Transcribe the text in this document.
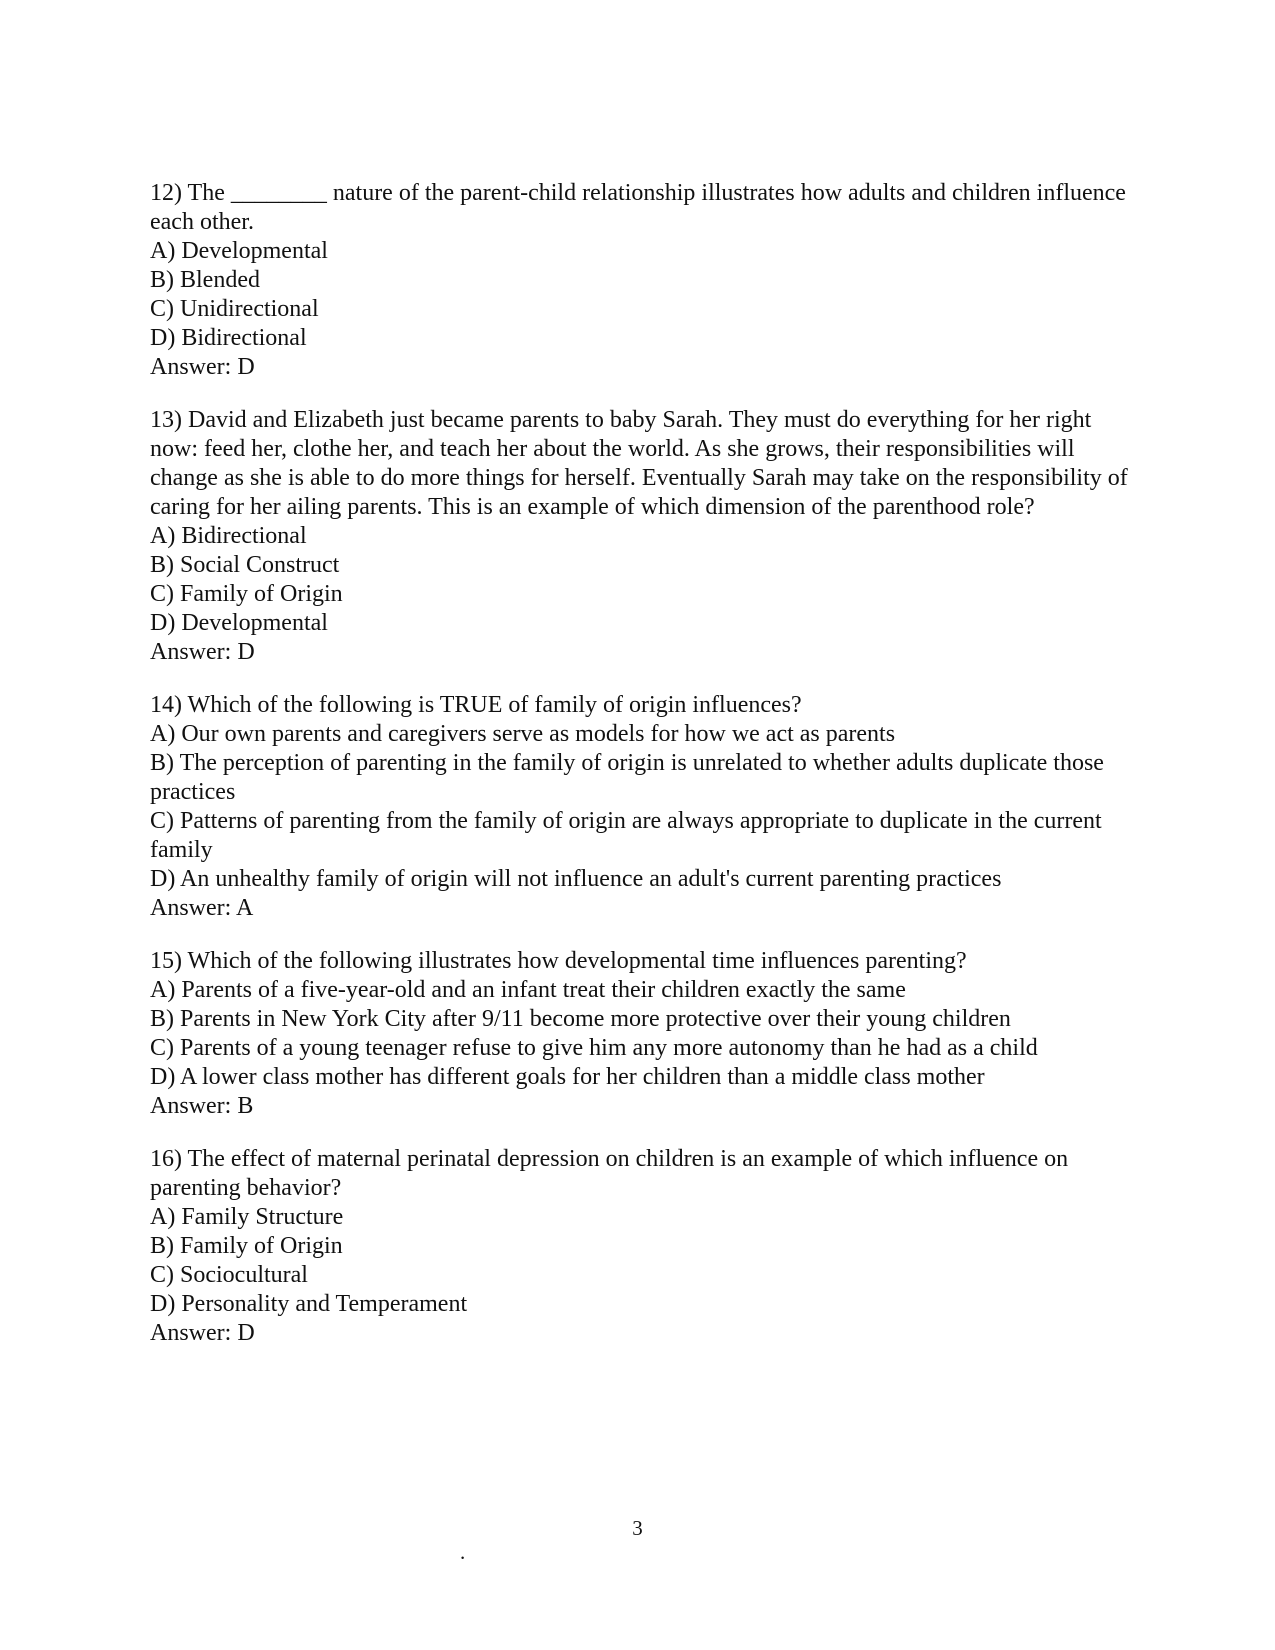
12) The ________ nature of the parent-child relationship illustrates how adults and children influence each other.
A) Developmental
B) Blended
C) Unidirectional
D) Bidirectional
Answer: D
13) David and Elizabeth just became parents to baby Sarah. They must do everything for her right now: feed her, clothe her, and teach her about the world. As she grows, their responsibilities will change as she is able to do more things for herself. Eventually Sarah may take on the responsibility of caring for her ailing parents. This is an example of which dimension of the parenthood role?
A) Bidirectional
B) Social Construct
C) Family of Origin
D) Developmental
Answer: D
14) Which of the following is TRUE of family of origin influences?
A) Our own parents and caregivers serve as models for how we act as parents
B) The perception of parenting in the family of origin is unrelated to whether adults duplicate those practices
C) Patterns of parenting from the family of origin are always appropriate to duplicate in the current family
D) An unhealthy family of origin will not influence an adult's current parenting practices
Answer: A
15) Which of the following illustrates how developmental time influences parenting?
A) Parents of a five-year-old and an infant treat their children exactly the same
B) Parents in New York City after 9/11 become more protective over their young children
C) Parents of a young teenager refuse to give him any more autonomy than he had as a child
D) A lower class mother has different goals for her children than a middle class mother
Answer: B
16) The effect of maternal perinatal depression on children is an example of which influence on parenting behavior?
A) Family Structure
B) Family of Origin
C) Sociocultural
D) Personality and Temperament
Answer: D
3
.
